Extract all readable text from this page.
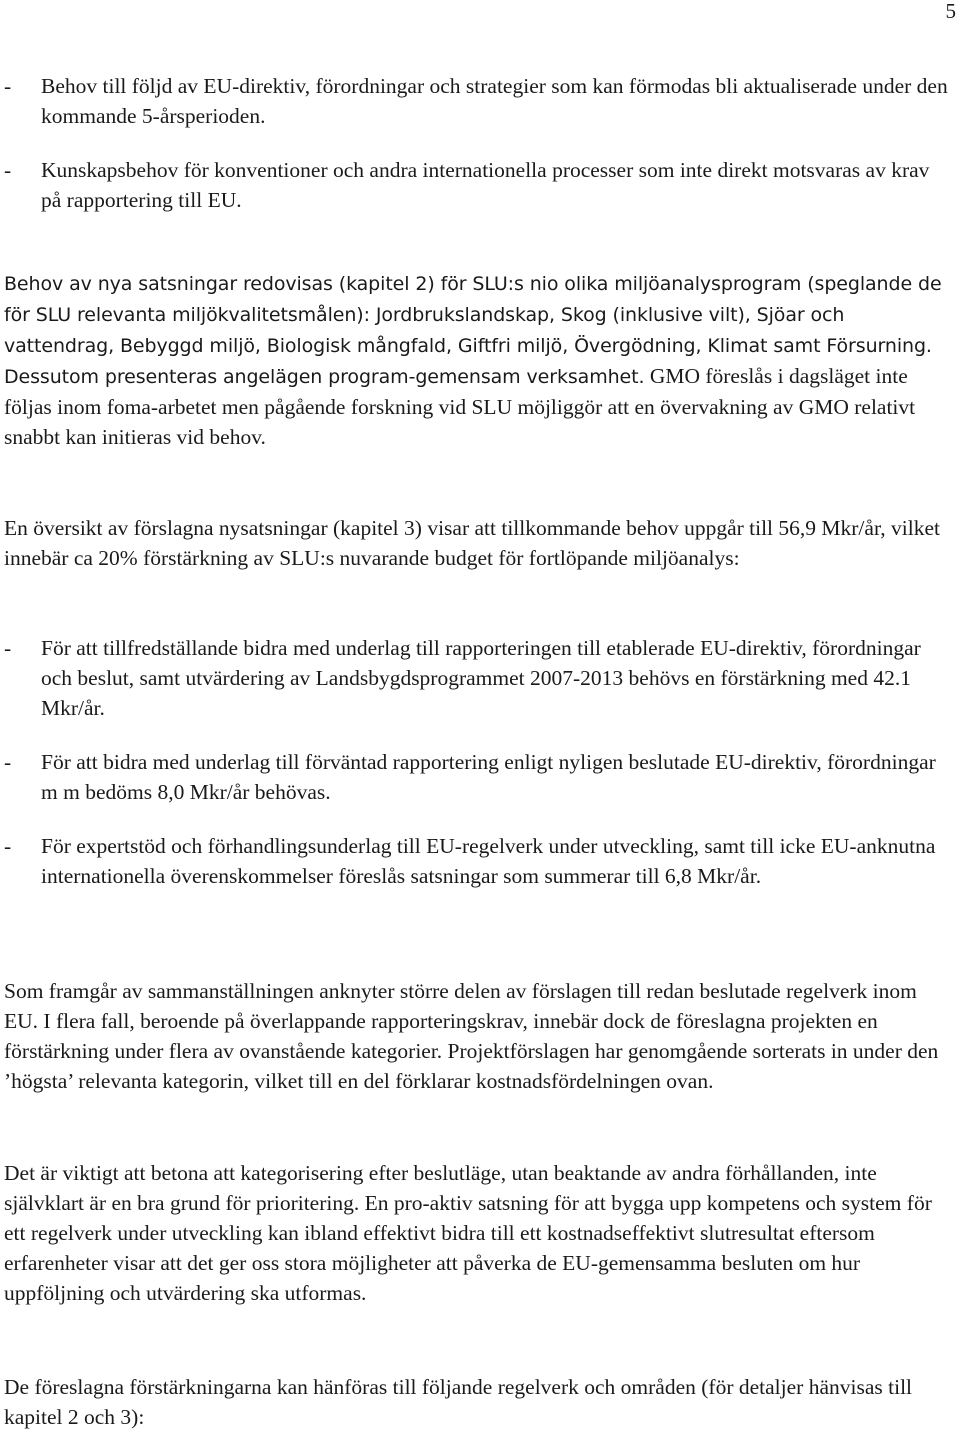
5

- Behov till följd av EU-direktiv, förordningar och strategier som kan förmodas bli aktualiserade under den kommande 5-årsperioden.

- Kunskapsbehov för konventioner och andra internationella processer som inte direkt motsvaras av krav på rapportering till EU.

Behov av nya satsningar redovisas (kapitel 2) för SLU:s nio olika miljöanalysprogram (speglande de för SLU relevanta miljökvalitetsmålen): Jordbrukslandskap, Skog (inklusive vilt), Sjöar och vattendrag, Bebyggd miljö, Biologisk mångfald, Giftfri miljö, Övergödning, Klimat samt Försurning. Dessutom presenteras angelägen program-gemensam verksamhet. GMO föreslås i dagsläget inte följas inom foma-arbetet men pågående forskning vid SLU möjliggör att en övervakning av GMO relativt snabbt kan initieras vid behov.

En översikt av förslagna nysatsningar (kapitel 3) visar att tillkommande behov uppgår till 56,9 Mkr/år, vilket innebär ca 20% förstärkning av SLU:s nuvarande budget för fortlöpande miljöanalys:

- För att tillfredställande bidra med underlag till rapporteringen till etablerade EU-direktiv, förordningar och beslut, samt utvärdering av Landsbygdsprogrammet 2007-2013 behövs en förstärkning med 42.1 Mkr/år.

- För att bidra med underlag till förväntad rapportering enligt nyligen beslutade EU-direktiv, förordningar m m bedöms 8,0 Mkr/år behövas.

- För expertstöd och förhandlingsunderlag till EU-regelverk under utveckling, samt till icke EU-anknutna internationella överenskommelser föreslås satsningar som summerar till 6,8 Mkr/år.

Som framgår av sammanställningen anknyter större delen av förslagen till redan beslutade regelverk inom EU. I flera fall, beroende på överlappande rapporteringskrav, innebär dock de föreslagna projekten en förstärkning under flera av ovanstående kategorier. Projektförslagen har genomgående sorterats in under den ’högsta’ relevanta kategorin, vilket till en del förklarar kostnadsfördelningen ovan.

Det är viktigt att betona att kategorisering efter beslutläge, utan beaktande av andra förhållanden, inte självklart är en bra grund för prioritering. En pro-aktiv satsning för att bygga upp kompetens och system för ett regelverk under utveckling kan ibland effektivt bidra till ett kostnadseffektivt slutresultat eftersom erfarenheter visar att det ger oss stora möjligheter att påverka de EU-gemensamma besluten om hur uppföljning och utvärdering ska utformas.

De föreslagna förstärkningarna kan hänföras till följande regelverk och områden (för detaljer hänvisas till kapitel 2 och 3):
